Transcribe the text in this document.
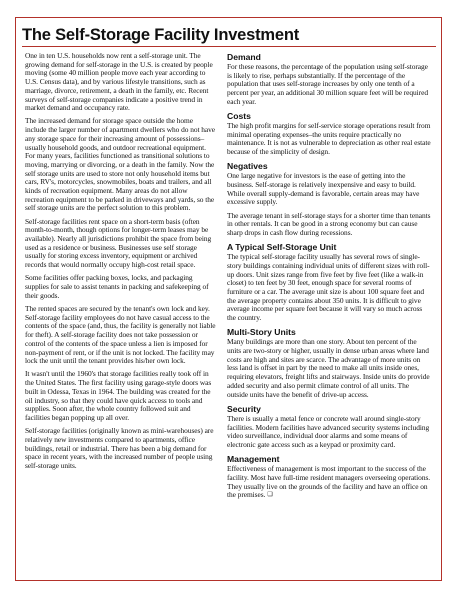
The Self-Storage Facility Investment

One in ten U.S. households now rent a self-storage unit. The growing demand for self-storage in the U.S. is created by people moving (some 40 million people move each year according to U.S. Census data), and by various lifestyle transitions, such as marriage, divorce, retirement, a death in the family, etc. Recent surveys of self-storage companies indicate a positive trend in market demand and occupancy rate.

The increased demand for storage space outside the home include the larger number of apartment dwellers who do not have any storage space for their increasing amount of possessions–usually household goods, and outdoor recreational equipment. For many years, facilities functioned as transitional solutions to moving, marrying or divorcing, or a death in the family. Now the self storage units are used to store not only household items but cars, RV's, motorcycles, snowmobiles, boats and trailers, and all kinds of recreation equipment. Many areas do not allow recreation equipment to be parked in driveways and yards, so the self storage units are the perfect solution to this problem.

Self-storage facilities rent space on a short-term basis (often month-to-month, though options for longer-term leases may be available). Nearly all jurisdictions prohibit the space from being used as a residence or business. Businesses use self storage usually for storing excess inventory, equipment or archived records that would normally occupy high-cost retail space.

Some facilities offer packing boxes, locks, and packaging supplies for sale to assist tenants in packing and safekeeping of their goods.

The rented spaces are secured by the tenant's own lock and key. Self-storage facility employees do not have casual access to the contents of the space (and, thus, the facility is generally not liable for theft). A self-storage facility does not take possession or control of the contents of the space unless a lien is imposed for non-payment of rent, or if the unit is not locked. The facility may lock the unit until the tenant provides his/her own lock.

It wasn't until the 1960's that storage facilities really took off in the United States. The first facility using garage-style doors was built in Odessa, Texas in 1964. The building was created for the oil industry, so that they could have quick access to tools and supplies. Soon after, the whole country followed suit and facilities began popping up all over.

Self-storage facilities (originally known as mini-warehouses) are relatively new investments compared to apartments, office buildings, retail or industrial. There has been a big demand for space in recent years, with the increased number of people using self-storage units.

Demand

For these reasons, the percentage of the population using self-storage is likely to rise, perhaps substantially. If the percentage of the population that uses self-storage increases by only one tenth of a percent per year, an additional 30 million square feet will be required each year.

Costs

The high profit margins for self-service storage operations result from minimal operating expenses–the units require practically no maintenance. It is not as vulnerable to depreciation as other real estate because of the simplicity of design.

Negatives

One large negative for investors is the ease of getting into the business. Self-storage is relatively inexpensive and easy to build. While overall supply-demand is favorable, certain areas may have excessive supply.

The average tenant in self-storage stays for a shorter time than tenants in other rentals. It can be good in a strong economy but can cause sharp drops in cash flow during recessions.

A Typical Self-Storage Unit

The typical self-storage facility usually has several rows of single-story buildings containing individual units of different sizes with roll-up doors. Unit sizes range from five feet by five feet (like a walk-in closet) to ten feet by 30 feet, enough space for several rooms of furniture or a car. The average unit size is about 100 square feet and the average property contains about 350 units. It is difficult to give average income per square feet because it will vary so much across the country.

Multi-Story Units

Many buildings are more than one story. About ten percent of the units are two-story or higher, usually in dense urban areas where land costs are high and sites are scarce. The advantage of more units on less land is offset in part by the need to make all units inside ones, requiring elevators, freight lifts and stairways. Inside units do provide added security and also permit climate control of all units. The outside units have the benefit of drive-up access.

Security

There is usually a metal fence or concrete wall around single-story facilities. Modern facilities have advanced security systems including video surveillance, individual door alarms and some means of electronic gate access such as a keypad or proximity card.

Management

Effectiveness of management is most important to the success of the facility. Most have full-time resident managers overseeing operations. They usually live on the grounds of the facility and have an office on the premises. ❑
